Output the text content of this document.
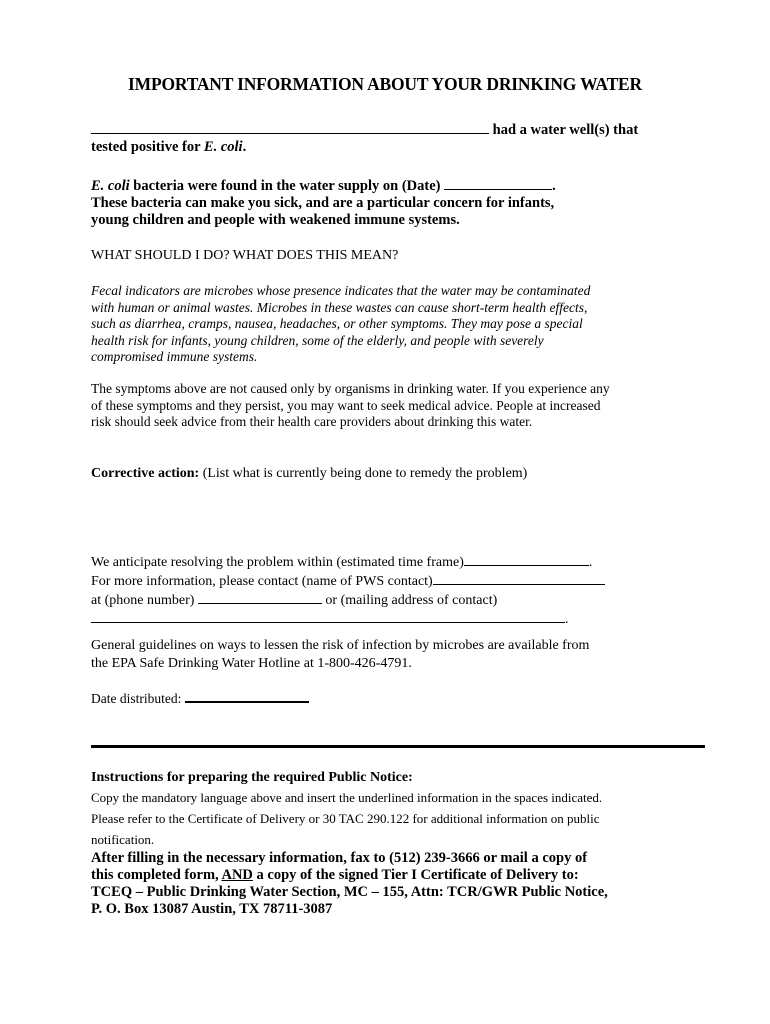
IMPORTANT INFORMATION ABOUT YOUR DRINKING WATER
had a water well(s) that
tested positive for E. coli.
E. coli bacteria were found in the water supply on (Date)	.
These bacteria can make you sick, and are a particular concern for infants,
young children and people with weakened immune systems.
WHAT SHOULD I DO? WHAT DOES THIS MEAN?
Fecal indicators are microbes whose presence indicates that the water may be contaminated
with human or animal wastes. Microbes in these wastes can cause short-term health effects,
such as diarrhea, cramps, nausea, headaches, or other symptoms. They may pose a special
health risk for infants, young children, some of the elderly, and people with severely
compromised immune systems.
The symptoms above are not caused only by organisms in drinking water. If you experience any
of these symptoms and they persist, you may want to seek medical advice. People at increased
risk should seek advice from their health care providers about drinking this water.
Corrective action: (List what is currently being done to remedy the problem)
We anticipate resolving the problem within (estimated time frame)	.
For more information, please contact (name of PWS contact)
at (phone number)	or (mailing address of contact)
.
General guidelines on ways to lessen the risk of infection by microbes are available from
the EPA Safe Drinking Water Hotline at 1-800-426-4791.
Date distributed:
Instructions for preparing the required Public Notice:
Copy the mandatory language above and insert the underlined information in the spaces indicated.
Please refer to the Certificate of Delivery or 30 TAC 290.122 for additional information on public
notification.
After filling in the necessary information, fax to (512) 239-3666 or mail a copy of
this completed form, AND a copy of the signed Tier I Certificate of Delivery to:
TCEQ – Public Drinking Water Section, MC – 155, Attn: TCR/GWR Public Notice,
P. O. Box 13087 Austin, TX 78711-3087
